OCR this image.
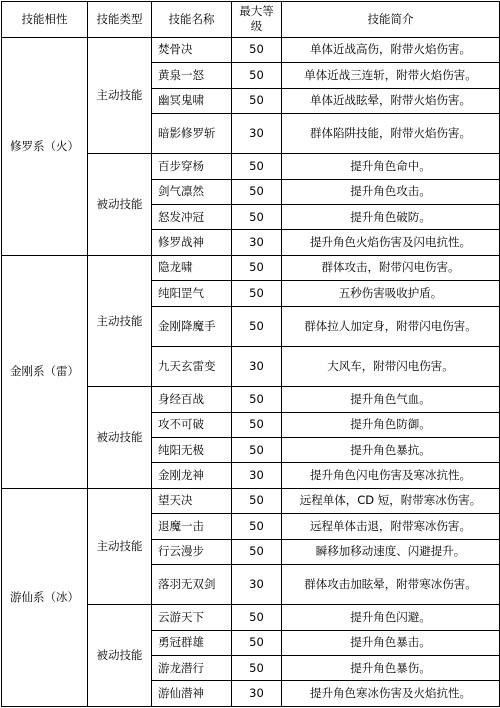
技能相性	技能类型	技能名称	最大等级	技能简介
修罗系（火）	主动技能	焚骨决	50	单体近战高伤，附带火焰伤害。
		黄泉一怒	50	单体近战三连斩，附带火焰伤害。
		幽冥鬼啸	50	单体近战眩晕，附带火焰伤害。
		暗影修罗斩	30	群体陷阱技能，附带火焰伤害。
	被动技能	百步穿杨	50	提升角色命中。
		剑气凛然	50	提升角色攻击。
		怒发冲冠	50	提升角色破防。
		修罗战神	30	提升角色火焰伤害及闪电抗性。
金刚系（雷）	主动技能	隐龙啸	50	群体攻击，附带闪电伤害。
		纯阳罡气	50	五秒伤害吸收护盾。
		金刚降魔手	50	群体拉人加定身，附带闪电伤害。
		九天玄雷变	30	大风车，附带闪电伤害。
	被动技能	身经百战	50	提升角色气血。
		攻不可破	50	提升角色防御。
		纯阳无极	50	提升角色暴抗。
		金刚龙神	30	提升角色闪电伤害及寒冰抗性。
游仙系（冰）	主动技能	望天决	50	远程单体，CD 短，附带寒冰伤害。
		退魔一击	50	远程单体击退，附带寒冰伤害。
		行云漫步	50	瞬移加移动速度、闪避提升。
		落羽无双剑	30	群体攻击加眩晕，附带寒冰伤害。
	被动技能	云游天下	50	提升角色闪避。
		勇冠群雄	50	提升角色暴击。
		游龙潜行	50	提升角色暴伤。
		游仙潜神	30	提升角色寒冰伤害及火焰抗性。
